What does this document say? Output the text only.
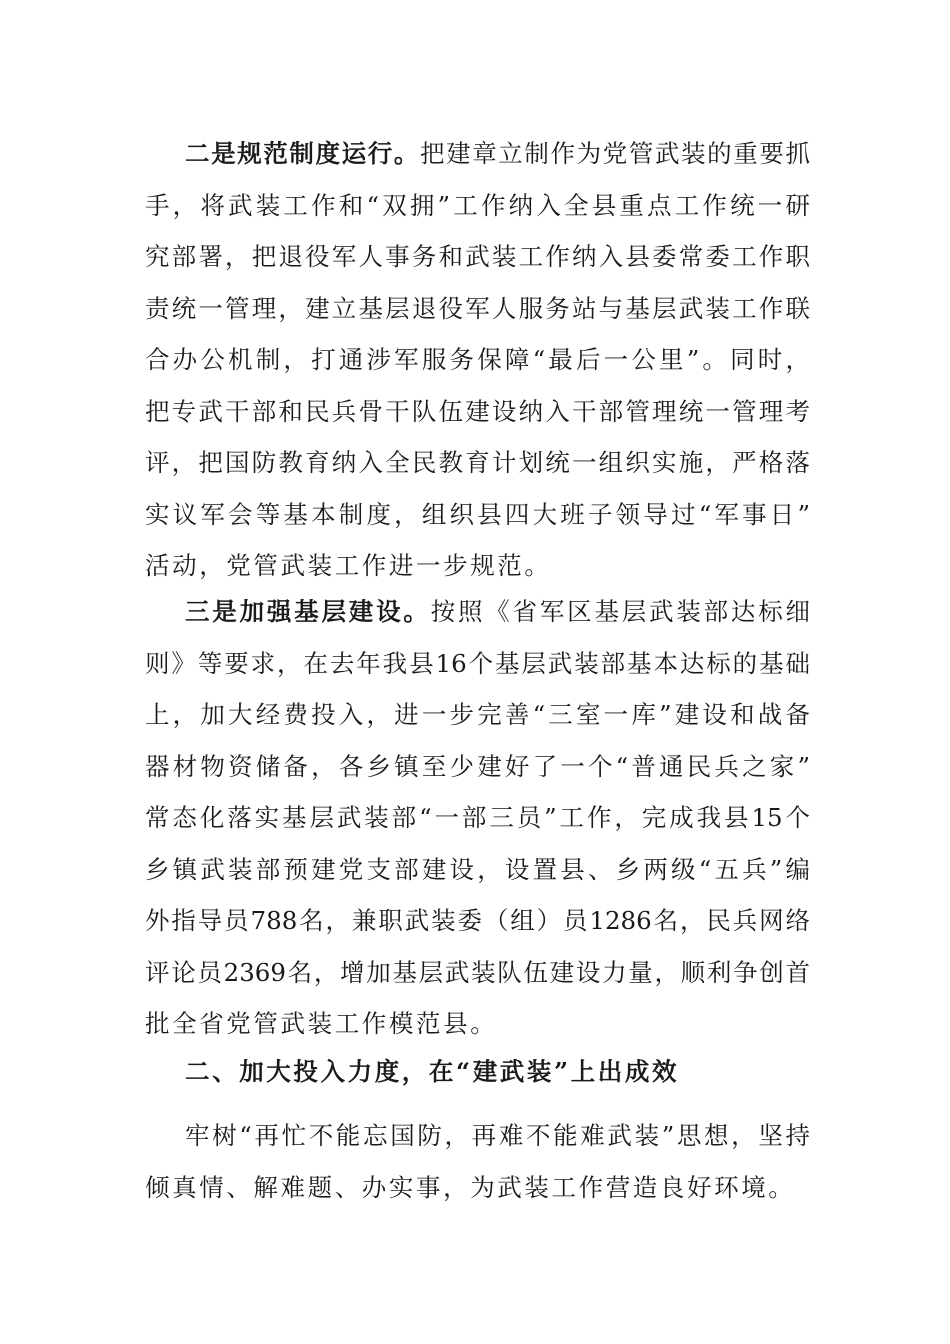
二是规范制度运行。把建章立制作为党管武装的重要抓
手，将武装工作和“双拥”工作纳入全县重点工作统一研
究部署，把退役军人事务和武装工作纳入县委常委工作职
责统一管理，建立基层退役军人服务站与基层武装工作联
合办公机制，打通涉军服务保障“最后一公里”。同时，
把专武干部和民兵骨干队伍建设纳入干部管理统一管理考
评，把国防教育纳入全民教育计划统一组织实施，严格落
实议军会等基本制度，组织县四大班子领导过“军事日”
活动，党管武装工作进一步规范。
三是加强基层建设。按照《省军区基层武装部达标细
则》等要求，在去年我县16个基层武装部基本达标的基础
上，加大经费投入，进一步完善“三室一库”建设和战备
器材物资储备，各乡镇至少建好了一个“普通民兵之家”
常态化落实基层武装部“一部三员”工作，完成我县15个
乡镇武装部预建党支部建设，设置县、乡两级“五兵”编
外指导员788名，兼职武装委（组）员1286名，民兵网络
评论员2369名，增加基层武装队伍建设力量，顺利争创首
批全省党管武装工作模范县。
二、加大投入力度，在“建武装”上出成效
牢树“再忙不能忘国防，再难不能难武装”思想，坚持
倾真情、解难题、办实事，为武装工作营造良好环境。
